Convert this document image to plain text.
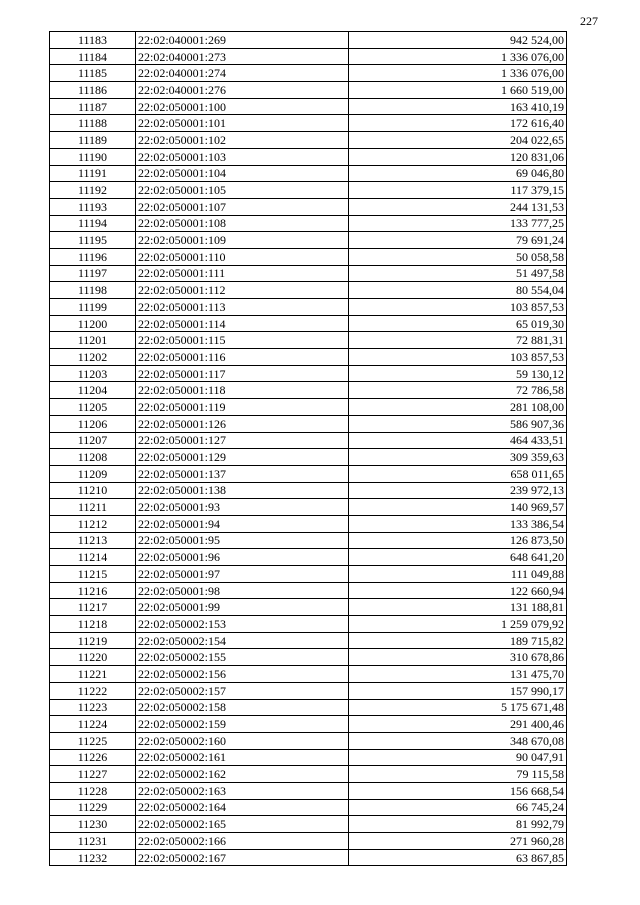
227
11183	22:02:040001:269	942 524,00
11184	22:02:040001:273	1 336 076,00
11185	22:02:040001:274	1 336 076,00
11186	22:02:040001:276	1 660 519,00
11187	22:02:050001:100	163 410,19
11188	22:02:050001:101	172 616,40
11189	22:02:050001:102	204 022,65
11190	22:02:050001:103	120 831,06
11191	22:02:050001:104	69 046,80
11192	22:02:050001:105	117 379,15
11193	22:02:050001:107	244 131,53
11194	22:02:050001:108	133 777,25
11195	22:02:050001:109	79 691,24
11196	22:02:050001:110	50 058,58
11197	22:02:050001:111	51 497,58
11198	22:02:050001:112	80 554,04
11199	22:02:050001:113	103 857,53
11200	22:02:050001:114	65 019,30
11201	22:02:050001:115	72 881,31
11202	22:02:050001:116	103 857,53
11203	22:02:050001:117	59 130,12
11204	22:02:050001:118	72 786,58
11205	22:02:050001:119	281 108,00
11206	22:02:050001:126	586 907,36
11207	22:02:050001:127	464 433,51
11208	22:02:050001:129	309 359,63
11209	22:02:050001:137	658 011,65
11210	22:02:050001:138	239 972,13
11211	22:02:050001:93	140 969,57
11212	22:02:050001:94	133 386,54
11213	22:02:050001:95	126 873,50
11214	22:02:050001:96	648 641,20
11215	22:02:050001:97	111 049,88
11216	22:02:050001:98	122 660,94
11217	22:02:050001:99	131 188,81
11218	22:02:050002:153	1 259 079,92
11219	22:02:050002:154	189 715,82
11220	22:02:050002:155	310 678,86
11221	22:02:050002:156	131 475,70
11222	22:02:050002:157	157 990,17
11223	22:02:050002:158	5 175 671,48
11224	22:02:050002:159	291 400,46
11225	22:02:050002:160	348 670,08
11226	22:02:050002:161	90 047,91
11227	22:02:050002:162	79 115,58
11228	22:02:050002:163	156 668,54
11229	22:02:050002:164	66 745,24
11230	22:02:050002:165	81 992,79
11231	22:02:050002:166	271 960,28
11232	22:02:050002:167	63 867,85
